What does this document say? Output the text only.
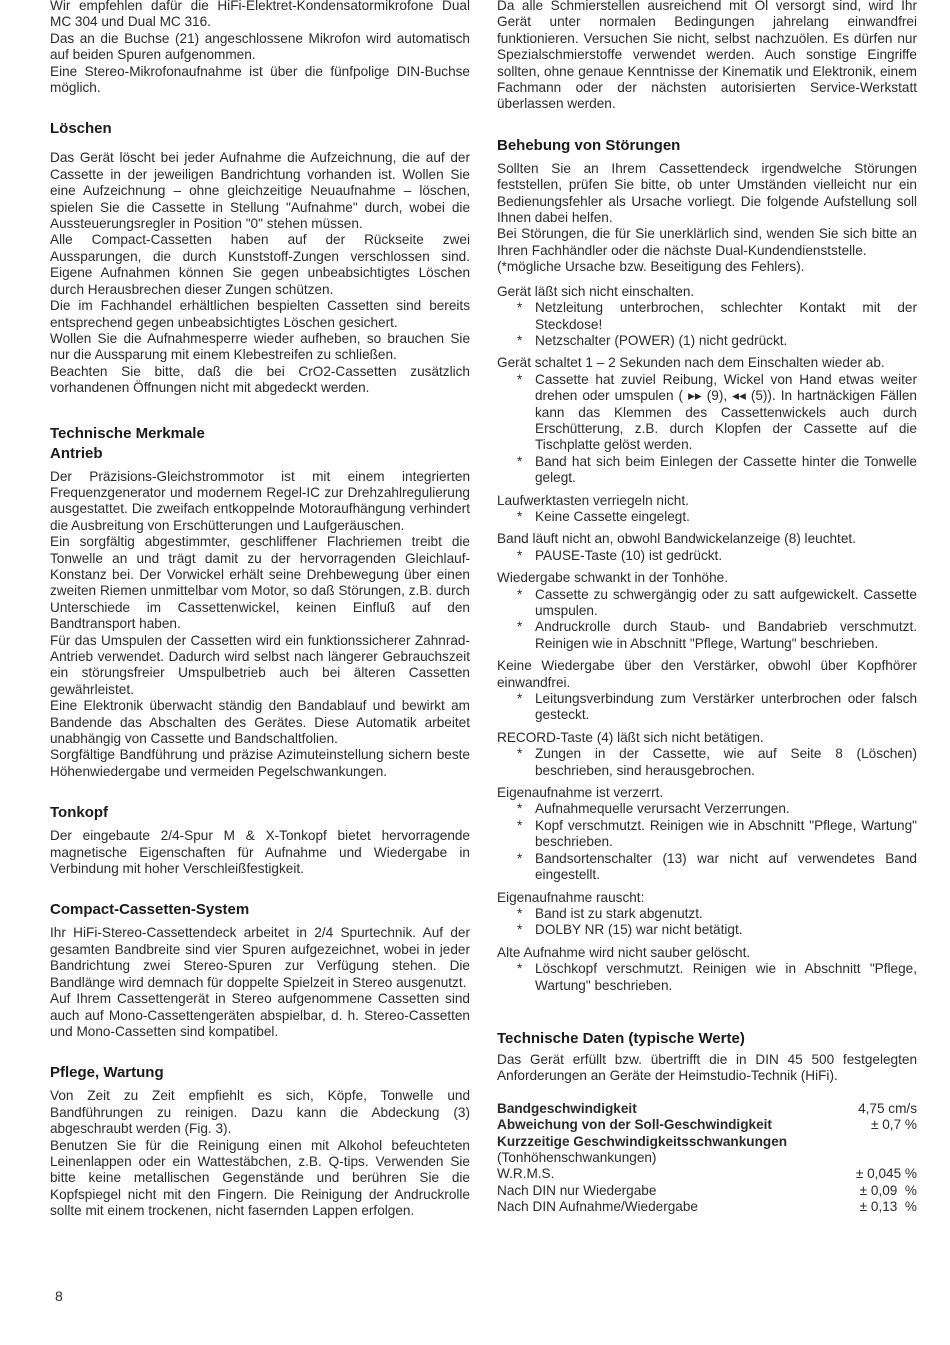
Wir empfehlen dafür die HiFi-Elektret-Kondensatormikrofone Dual MC 304 und Dual MC 316.

Das an die Buchse (21) angeschlossene Mikrofon wird automatisch auf beiden Spuren aufgenommen.

Eine Stereo-Mikrofonaufnahme ist über die fünfpolige DIN-Buchse möglich.

Löschen

Das Gerät löscht bei jeder Aufnahme die Aufzeichnung, die auf der Cassette in der jeweiligen Bandrichtung vorhanden ist. Wollen Sie eine Aufzeichnung – ohne gleichzeitige Neuaufnahme – löschen, spielen Sie die Cassette in Stellung "Aufnahme" durch, wobei die Aussteuerungsregler in Position "0" stehen müssen.

Alle Compact-Cassetten haben auf der Rückseite zwei Aussparungen, die durch Kunststoff-Zungen verschlossen sind. Eigene Aufnahmen können Sie gegen unbeabsichtigtes Löschen durch Herausbrechen dieser Zungen schützen.

Die im Fachhandel erhältlichen bespielten Cassetten sind bereits entsprechend gegen unbeabsichtigtes Löschen gesichert.

Wollen Sie die Aufnahmesperre wieder aufheben, so brauchen Sie nur die Aussparung mit einem Klebestreifen zu schließen.

Beachten Sie bitte, daß die bei CrO2-Cassetten zusätzlich vorhandenen Öffnungen nicht mit abgedeckt werden.

Technische Merkmale
Antrieb

Der Präzisions-Gleichstrommotor ist mit einem integrierten Frequenzgenerator und modernem Regel-IC zur Drehzahlregulierung ausgestattet. Die zweifach entkoppelnde Motoraufhängung verhindert die Ausbreitung von Erschütterungen und Laufgeräuschen.

Ein sorgfältig abgestimmter, geschliffener Flachriemen treibt die Tonwelle an und trägt damit zu der hervorragenden Gleichlauf-Konstanz bei. Der Vorwickel erhält seine Drehbewegung über einen zweiten Riemen unmittelbar vom Motor, so daß Störungen, z.B. durch Unterschiede im Cassettenwickel, keinen Einfluß auf den Bandtransport haben.

Für das Umspulen der Cassetten wird ein funktionssicherer Zahnrad-Antrieb verwendet. Dadurch wird selbst nach längerer Gebrauchszeit ein störungsfreier Umspulbetrieb auch bei älteren Cassetten gewährleistet.

Eine Elektronik überwacht ständig den Bandablauf und bewirkt am Bandende das Abschalten des Gerätes. Diese Automatik arbeitet unabhängig von Cassette und Bandschaltfolien.

Sorgfältige Bandführung und präzise Azimuteinstellung sichern beste Höhenwiedergabe und vermeiden Pegelschwankungen.

Tonkopf

Der eingebaute 2/4-Spur M & X-Tonkopf bietet hervorragende magnetische Eigenschaften für Aufnahme und Wiedergabe in Verbindung mit hoher Verschleißfestigkeit.

Compact-Cassetten-System

Ihr HiFi-Stereo-Cassettendeck arbeitet in 2/4 Spurtechnik. Auf der gesamten Bandbreite sind vier Spuren aufgezeichnet, wobei in jeder Bandrichtung zwei Stereo-Spuren zur Verfügung stehen. Die Bandlänge wird demnach für doppelte Spielzeit in Stereo ausgenutzt.

Auf Ihrem Cassettengerät in Stereo aufgenommene Cassetten sind auch auf Mono-Cassettengeräten abspielbar, d. h. Stereo-Cassetten und Mono-Cassetten sind kompatibel.

Pflege, Wartung

Von Zeit zu Zeit empfiehlt es sich, Köpfe, Tonwelle und Bandführungen zu reinigen. Dazu kann die Abdeckung (3) abgeschraubt werden (Fig. 3).

Benutzen Sie für die Reinigung einen mit Alkohol befeuchteten Leinenlappen oder ein Wattestäbchen, z.B. Q-tips. Verwenden Sie bitte keine metallischen Gegenstände und berühren Sie die Kopfspiegel nicht mit den Fingern. Die Reinigung der Andruckrolle sollte mit einem trockenen, nicht fasernden Lappen erfolgen.

8

Da alle Schmierstellen ausreichend mit Öl versorgt sind, wird Ihr Gerät unter normalen Bedingungen jahrelang einwandfrei funktionieren. Versuchen Sie nicht, selbst nachzuölen. Es dürfen nur Spezialschmierstoffe verwendet werden. Auch sonstige Eingriffe sollten, ohne genaue Kenntnisse der Kinematik und Elektronik, einem Fachmann oder der nächsten autorisierten Service-Werkstatt überlassen werden.

Behebung von Störungen

Sollten Sie an Ihrem Cassettendeck irgendwelche Störungen feststellen, prüfen Sie bitte, ob unter Umständen vielleicht nur ein Bedienungsfehler als Ursache vorliegt. Die folgende Aufstellung soll Ihnen dabei helfen.

Bei Störungen, die für Sie unerklärlich sind, wenden Sie sich bitte an Ihren Fachhändler oder die nächste Dual-Kundendienststelle.

(*mögliche Ursache bzw. Beseitigung des Fehlers).

Gerät läßt sich nicht einschalten.

* Netzleitung unterbrochen, schlechter Kontakt mit der Steckdose!
* Netzschalter (POWER) (1) nicht gedrückt.

Gerät schaltet 1 – 2 Sekunden nach dem Einschalten wieder ab.

* Cassette hat zuviel Reibung, Wickel von Hand etwas weiter drehen oder umspulen ( ▸▸ (9), ◂◂ (5)). In hartnäckigen Fällen kann das Klemmen des Cassettenwickels auch durch Erschütterung, z.B. durch Klopfen der Cassette auf die Tischplatte gelöst werden.
* Band hat sich beim Einlegen der Cassette hinter die Tonwelle gelegt.

Laufwerktasten verriegeln nicht.

* Keine Cassette eingelegt.

Band läuft nicht an, obwohl Bandwickelanzeige (8) leuchtet.

* PAUSE-Taste (10) ist gedrückt.

Wiedergabe schwankt in der Tonhöhe.

* Cassette zu schwergängig oder zu satt aufgewickelt. Cassette umspulen.
* Andruckrolle durch Staub- und Bandabrieb verschmutzt. Reinigen wie in Abschnitt "Pflege, Wartung" beschrieben.

Keine Wiedergabe über den Verstärker, obwohl über Kopfhörer einwandfrei.

* Leitungsverbindung zum Verstärker unterbrochen oder falsch gesteckt.

RECORD-Taste (4) läßt sich nicht betätigen.

* Zungen in der Cassette, wie auf Seite 8 (Löschen) beschrieben, sind herausgebrochen.

Eigenaufnahme ist verzerrt.

* Aufnahmequelle verursacht Verzerrungen.
* Kopf verschmutzt. Reinigen wie in Abschnitt "Pflege, Wartung" beschrieben.
* Bandsortenschalter (13) war nicht auf verwendetes Band eingestellt.

Eigenaufnahme rauscht:

* Band ist zu stark abgenutzt.
* DOLBY NR (15) war nicht betätigt.

Alte Aufnahme wird nicht sauber gelöscht.

* Löschkopf verschmutzt. Reinigen wie in Abschnitt "Pflege, Wartung" beschrieben.
Technische Daten (typische Werte)

Das Gerät erfüllt bzw. übertrifft die in DIN 45 500 festgelegten Anforderungen an Geräte der Heimstudio-Technik (HiFi).

Bandgeschwindigkeit	4,75 cm/s
Abweichung von der Soll-Geschwindigkeit	± 0,7 %
Kurzzeitige Geschwindigkeitsschwankungen
(Tonhöhenschwankungen)
W.R.M.S.	± 0,045 %
Nach DIN nur Wiedergabe	± 0,09  %
Nach DIN Aufnahme/Wiedergabe	± 0,13  %
